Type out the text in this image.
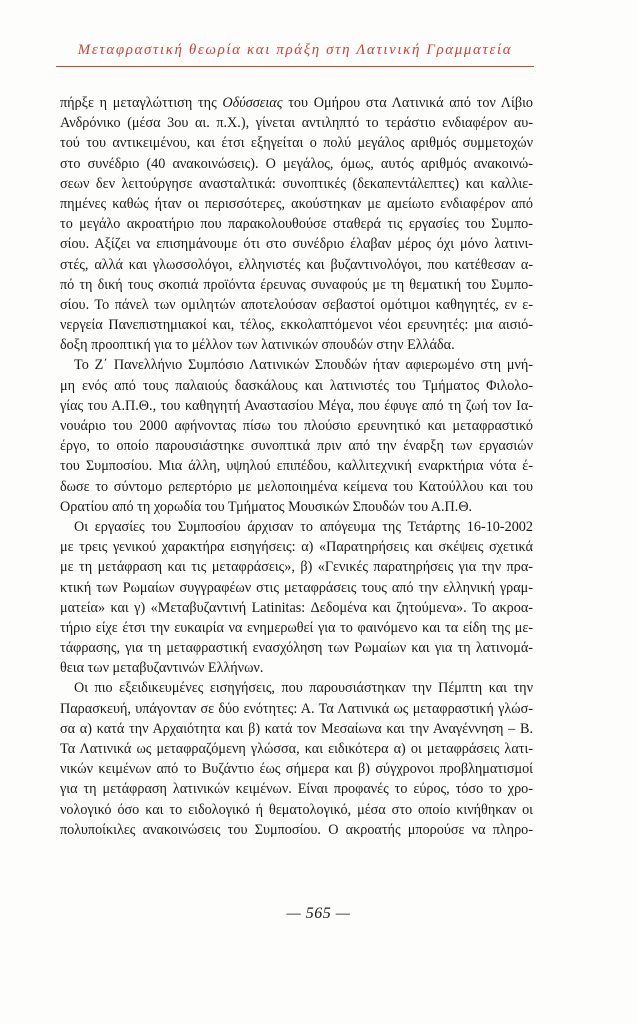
Μεταφραστική θεωρία και πράξη στη Λατινική Γραμματεία
πήρξε η μεταγλώττιση της Οδύσσειας του Ομήρου στα Λατινικά από τον Λίβιο
Ανδρόνικο (μέσα 3ου αι. π.Χ.), γίνεται αντιληπτό το τεράστιο ενδιαφέρον αυ-
τού του αντικειμένου, και έτσι εξηγείται ο πολύ μεγάλος αριθμός συμμετοχών
στο συνέδριο (40 ανακοινώσεις). Ο μεγάλος, όμως, αυτός αριθμός ανακοινώ-
σεων δεν λειτούργησε ανασταλτικά: συνοπτικές (δεκαπεντάλεπτες) και καλλιε-
πημένες καθώς ήταν οι περισσότερες, ακούστηκαν με αμείωτο ενδιαφέρον από
το μεγάλο ακροατήριο που παρακολουθούσε σταθερά τις εργασίες του Συμπο-
σίου. Αξίζει να επισημάνουμε ότι στο συνέδριο έλαβαν μέρος όχι μόνο λατινι-
στές, αλλά και γλωσσολόγοι, ελληνιστές και βυζαντινολόγοι, που κατέθεσαν α-
πό τη δική τους σκοπιά προϊόντα έρευνας συναφούς με τη θεματική του Συμπο-
σίου. Το πάνελ των ομιλητών αποτελούσαν σεβαστοί ομότιμοι καθηγητές, εν ε-
νεργεία Πανεπιστημιακοί και, τέλος, εκκολαπτόμενοι νέοι ερευνητές: μια αισιό-
δοξη προοπτική για το μέλλον των λατινικών σπουδών στην Ελλάδα.
Το Ζ΄ Πανελλήνιο Συμπόσιο Λατινικών Σπουδών ήταν αφιερωμένο στη μνή-
μη ενός από τους παλαιούς δασκάλους και λατινιστές του Τμήματος Φιλολο-
γίας του Α.Π.Θ., του καθηγητή Αναστασίου Μέγα, που έφυγε από τη ζωή τον Ια-
νουάριο του 2000 αφήνοντας πίσω του πλούσιο ερευνητικό και μεταφραστικό
έργο, το οποίο παρουσιάστηκε συνοπτικά πριν από την έναρξη των εργασιών
του Συμποσίου. Μια άλλη, υψηλού επιπέδου, καλλιτεχνική εναρκτήρια νότα έ-
δωσε το σύντομο ρεπερτόριο με μελοποιημένα κείμενα του Κατούλλου και του
Ορατίου από τη χορωδία του Τμήματος Μουσικών Σπουδών του Α.Π.Θ.
Οι εργασίες του Συμποσίου άρχισαν το απόγευμα της Τετάρτης 16-10-2002
με τρεις γενικού χαρακτήρα εισηγήσεις: α) «Παρατηρήσεις και σκέψεις σχετικά
με τη μετάφραση και τις μεταφράσεις», β) «Γενικές παρατηρήσεις για την πρα-
κτική των Ρωμαίων συγγραφέων στις μεταφράσεις τους από την ελληνική γραμ-
ματεία» και γ) «Μεταβυζαντινή Latinitas: Δεδομένα και ζητούμενα». Το ακροα-
τήριο είχε έτσι την ευκαιρία να ενημερωθεί για το φαινόμενο και τα είδη της με-
τάφρασης, για τη μεταφραστική ενασχόληση των Ρωμαίων και για τη λατινομά-
θεια των μεταβυζαντινών Ελλήνων.
Οι πιο εξειδικευμένες εισηγήσεις, που παρουσιάστηκαν την Πέμπτη και την
Παρασκευή, υπάγονταν σε δύο ενότητες: Α. Τα Λατινικά ως μεταφραστική γλώσ-
σα α) κατά την Αρχαιότητα και β) κατά τον Μεσαίωνα και την Αναγέννηση – Β.
Τα Λατινικά ως μεταφραζόμενη γλώσσα, και ειδικότερα α) οι μεταφράσεις λατι-
νικών κειμένων από το Βυζάντιο έως σήμερα και β) σύγχρονοι προβληματισμοί
για τη μετάφραση λατινικών κειμένων. Είναι προφανές το εύρος, τόσο το χρο-
νολογικό όσο και το ειδολογικό ή θεματολογικό, μέσα στο οποίο κινήθηκαν οι
πολυποίκιλες ανακοινώσεις του Συμποσίου. Ο ακροατής μπορούσε να πληρο-
— 565 —
